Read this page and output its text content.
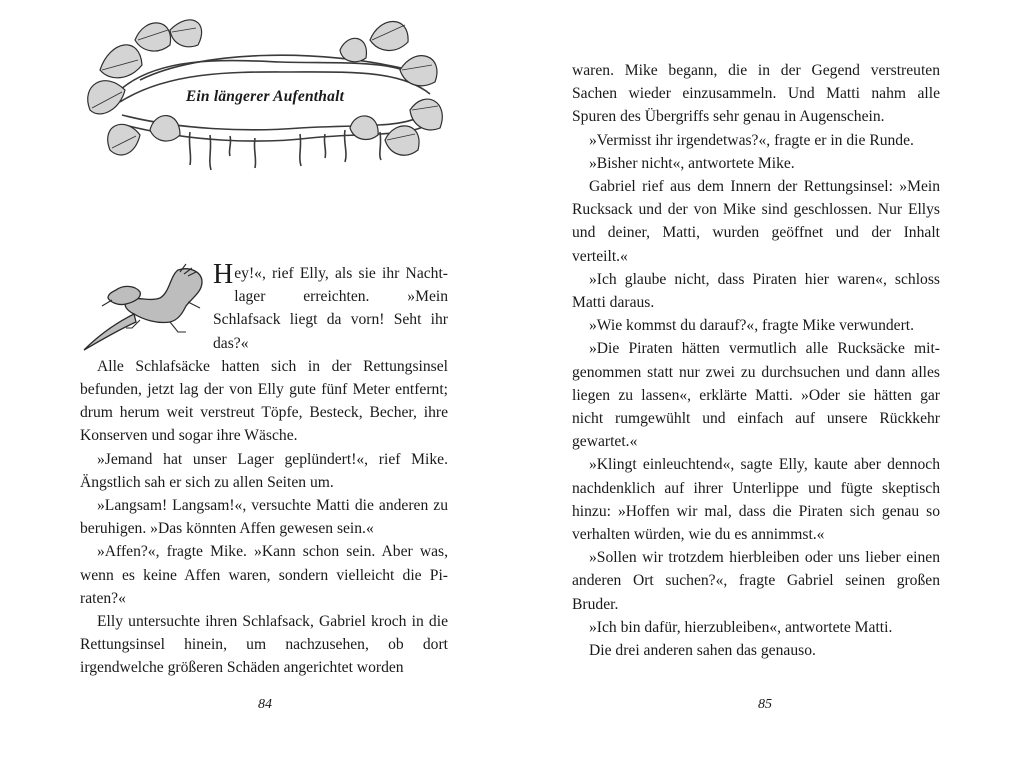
Ein längerer Aufenthalt

Hey!«, rief Elly, als sie ihr Nachtlager erreichten. »Mein Schlafsack liegt da vorn! Seht ihr das?«

Alle Schlafsäcke hatten sich in der Rettungsinsel befunden, jetzt lag der von Elly gute fünf Meter entfernt; drum herum weit verstreut Töpfe, Besteck, Becher, ihre Konserven und sogar ihre Wäsche.

»Jemand hat unser Lager geplündert!«, rief Mike. Ängstlich sah er sich zu allen Seiten um.

»Langsam! Langsam!«, versuchte Matti die anderen zu beruhigen. »Das könnten Affen gewesen sein.«

»Affen?«, fragte Mike. »Kann schon sein. Aber was, wenn es keine Affen waren, sondern vielleicht die Piraten?«

Elly untersuchte ihren Schlafsack, Gabriel kroch in die Rettungsinsel hinein, um nachzusehen, ob dort irgendwelche größeren Schäden angerichtet worden

84

waren. Mike begann, die in der Gegend verstreuten Sachen wieder einzusammeln. Und Matti nahm alle Spuren des Übergriffs sehr genau in Augenschein.

»Vermisst ihr irgendetwas?«, fragte er in die Runde.

»Bisher nicht«, antwortete Mike.

Gabriel rief aus dem Innern der Rettungsinsel: »Mein Rucksack und der von Mike sind geschlossen. Nur Ellys und deiner, Matti, wurden geöffnet und der Inhalt verteilt.«

»Ich glaube nicht, dass Piraten hier waren«, schloss Matti daraus.

»Wie kommst du darauf?«, fragte Mike verwundert.

»Die Piraten hätten vermutlich alle Rucksäcke mitgenommen statt nur zwei zu durchsuchen und dann alles liegen zu lassen«, erklärte Matti. »Oder sie hätten gar nicht rumgewühlt und einfach auf unsere Rückkehr gewartet.«

»Klingt einleuchtend«, sagte Elly, kaute aber dennoch nachdenklich auf ihrer Unterlippe und fügte skeptisch hinzu: »Hoffen wir mal, dass die Piraten sich genau so verhalten würden, wie du es annimmst.«

»Sollen wir trotzdem hierbleiben oder uns lieber einen anderen Ort suchen?«, fragte Gabriel seinen großen Bruder.

»Ich bin dafür, hierzubleiben«, antwortete Matti.

Die drei anderen sahen das genauso.

85
